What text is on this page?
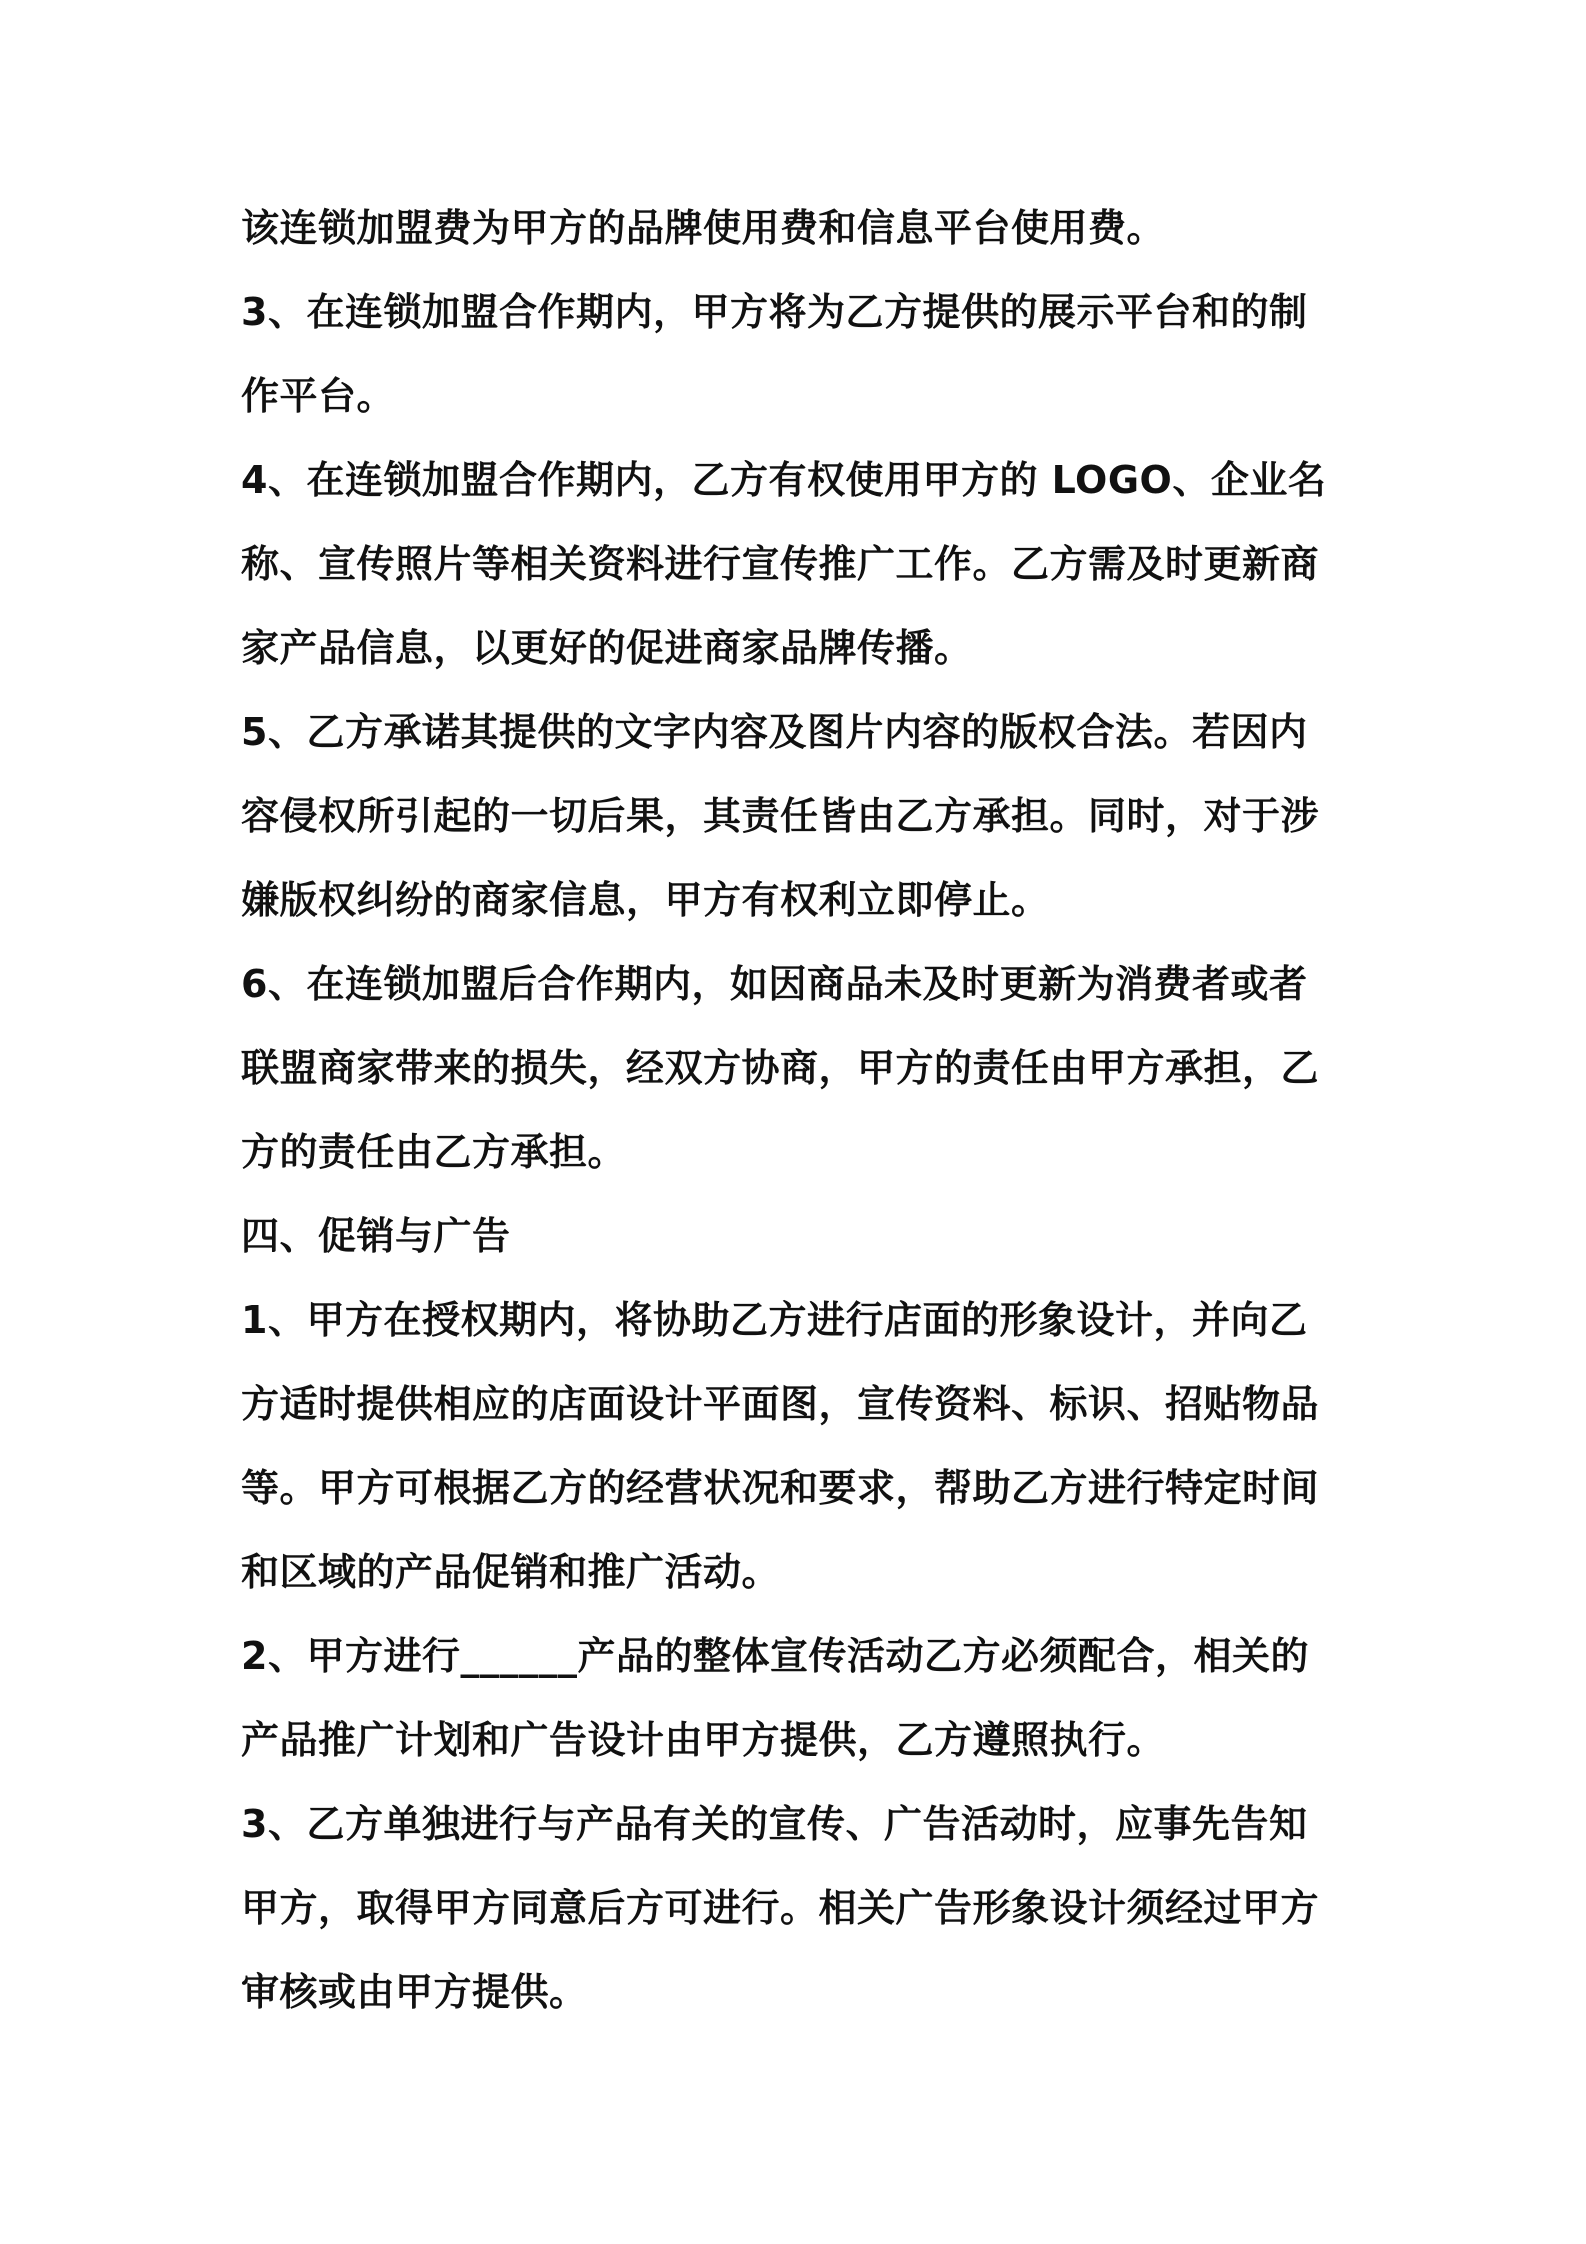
该连锁加盟费为甲方的品牌使用费和信息平台使用费。
3、在连锁加盟合作期内，甲方将为乙方提供的展示平台和的制
作平台。
4、在连锁加盟合作期内，乙方有权使用甲方的 LOGO、企业名
称、宣传照片等相关资料进行宣传推广工作。乙方需及时更新商
家产品信息，以更好的促进商家品牌传播。
5、乙方承诺其提供的文字内容及图片内容的版权合法。若因内
容侵权所引起的一切后果，其责任皆由乙方承担。同时，对于涉
嫌版权纠纷的商家信息，甲方有权利立即停止。
6、在连锁加盟后合作期内，如因商品未及时更新为消费者或者
联盟商家带来的损失，经双方协商，甲方的责任由甲方承担，乙
方的责任由乙方承担。
四、促销与广告
1、甲方在授权期内，将协助乙方进行店面的形象设计，并向乙
方适时提供相应的店面设计平面图，宣传资料、标识、招贴物品
等。甲方可根据乙方的经营状况和要求，帮助乙方进行特定时间
和区域的产品促销和推广活动。
2、甲方进行______产品的整体宣传活动乙方必须配合，相关的
产品推广计划和广告设计由甲方提供，乙方遵照执行。
3、乙方单独进行与产品有关的宣传、广告活动时，应事先告知
甲方，取得甲方同意后方可进行。相关广告形象设计须经过甲方
审核或由甲方提供。
